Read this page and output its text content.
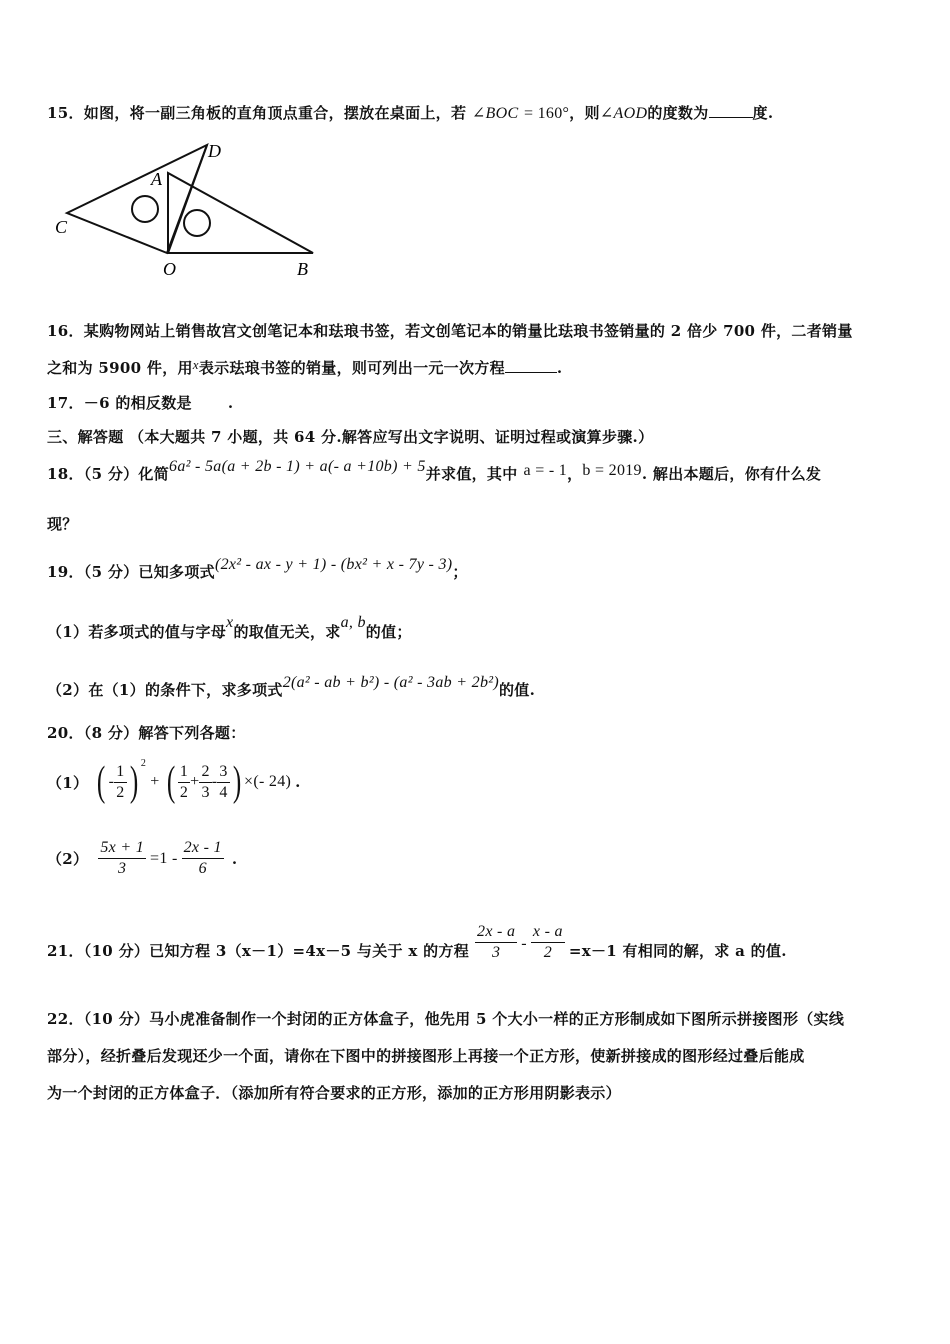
15．如图，将一副三角板的直角顶点重合，摆放在桌面上，若 ∠BOC = 160°，则∠AOD的度数为	度.
D
A
C
O	B
16．某购物网站上销售故宫文创笔记本和珐琅书签，若文创笔记本的销量比珐琅书签销量的 2 倍少 700 件，二者销量
之和为 5900 件，用x表示珐琅书签的销量，则可列出一元一次方程	.
17．－6 的相反数是 .
三、解答题 （本大题共 7 小题，共 64 分.解答应写出文字说明、证明过程或演算步骤.）
18．（5 分）化简6a² - 5a(a + 2b - 1) + a(- a +10b) + 5并求值，其中 a = - 1，b = 2019. 解出本题后，你有什么发
现？
19．（5 分）已知多项式(2x² - ax - y + 1) - (bx² + x - 7y - 3)；
（1）若多项式的值与字母x的取值无关，求a, b的值；
（2）在（1）的条件下，求多项式2(a² - ab + b²) - (a² - 3ab + 2b²)的值.
20．（8 分）解答下列各题：
（1） ( - $\frac{1}{2}$ ) 2
+ ( $\frac{1}{2} + \frac{2}{3} - \frac{3}{4}$ ) ×(- 24) .
$(2) \frac{5x + 1}{3} =1 - \frac{2x - 1}{6}$ .
21．（10 分）已知方程 3（x－1）=4x－5 与关于 x 的方程 $\frac{2x - a}{3} - \frac{x - a}{2} =x-1$ 有相同的解，求 a 的值.
22．（10 分）马小虎准备制作一个封闭的正方体盒子，他先用 5 个大小一样的正方形制成如下图所示拼接图形（实线
部分），经折叠后发现还少一个面，请你在下图中的拼接图形上再接一个正方形，使新拼接成的图形经过叠后能成
为一个封闭的正方体盒子．（添加所有符合要求的正方形，添加的正方形用阴影表示）
